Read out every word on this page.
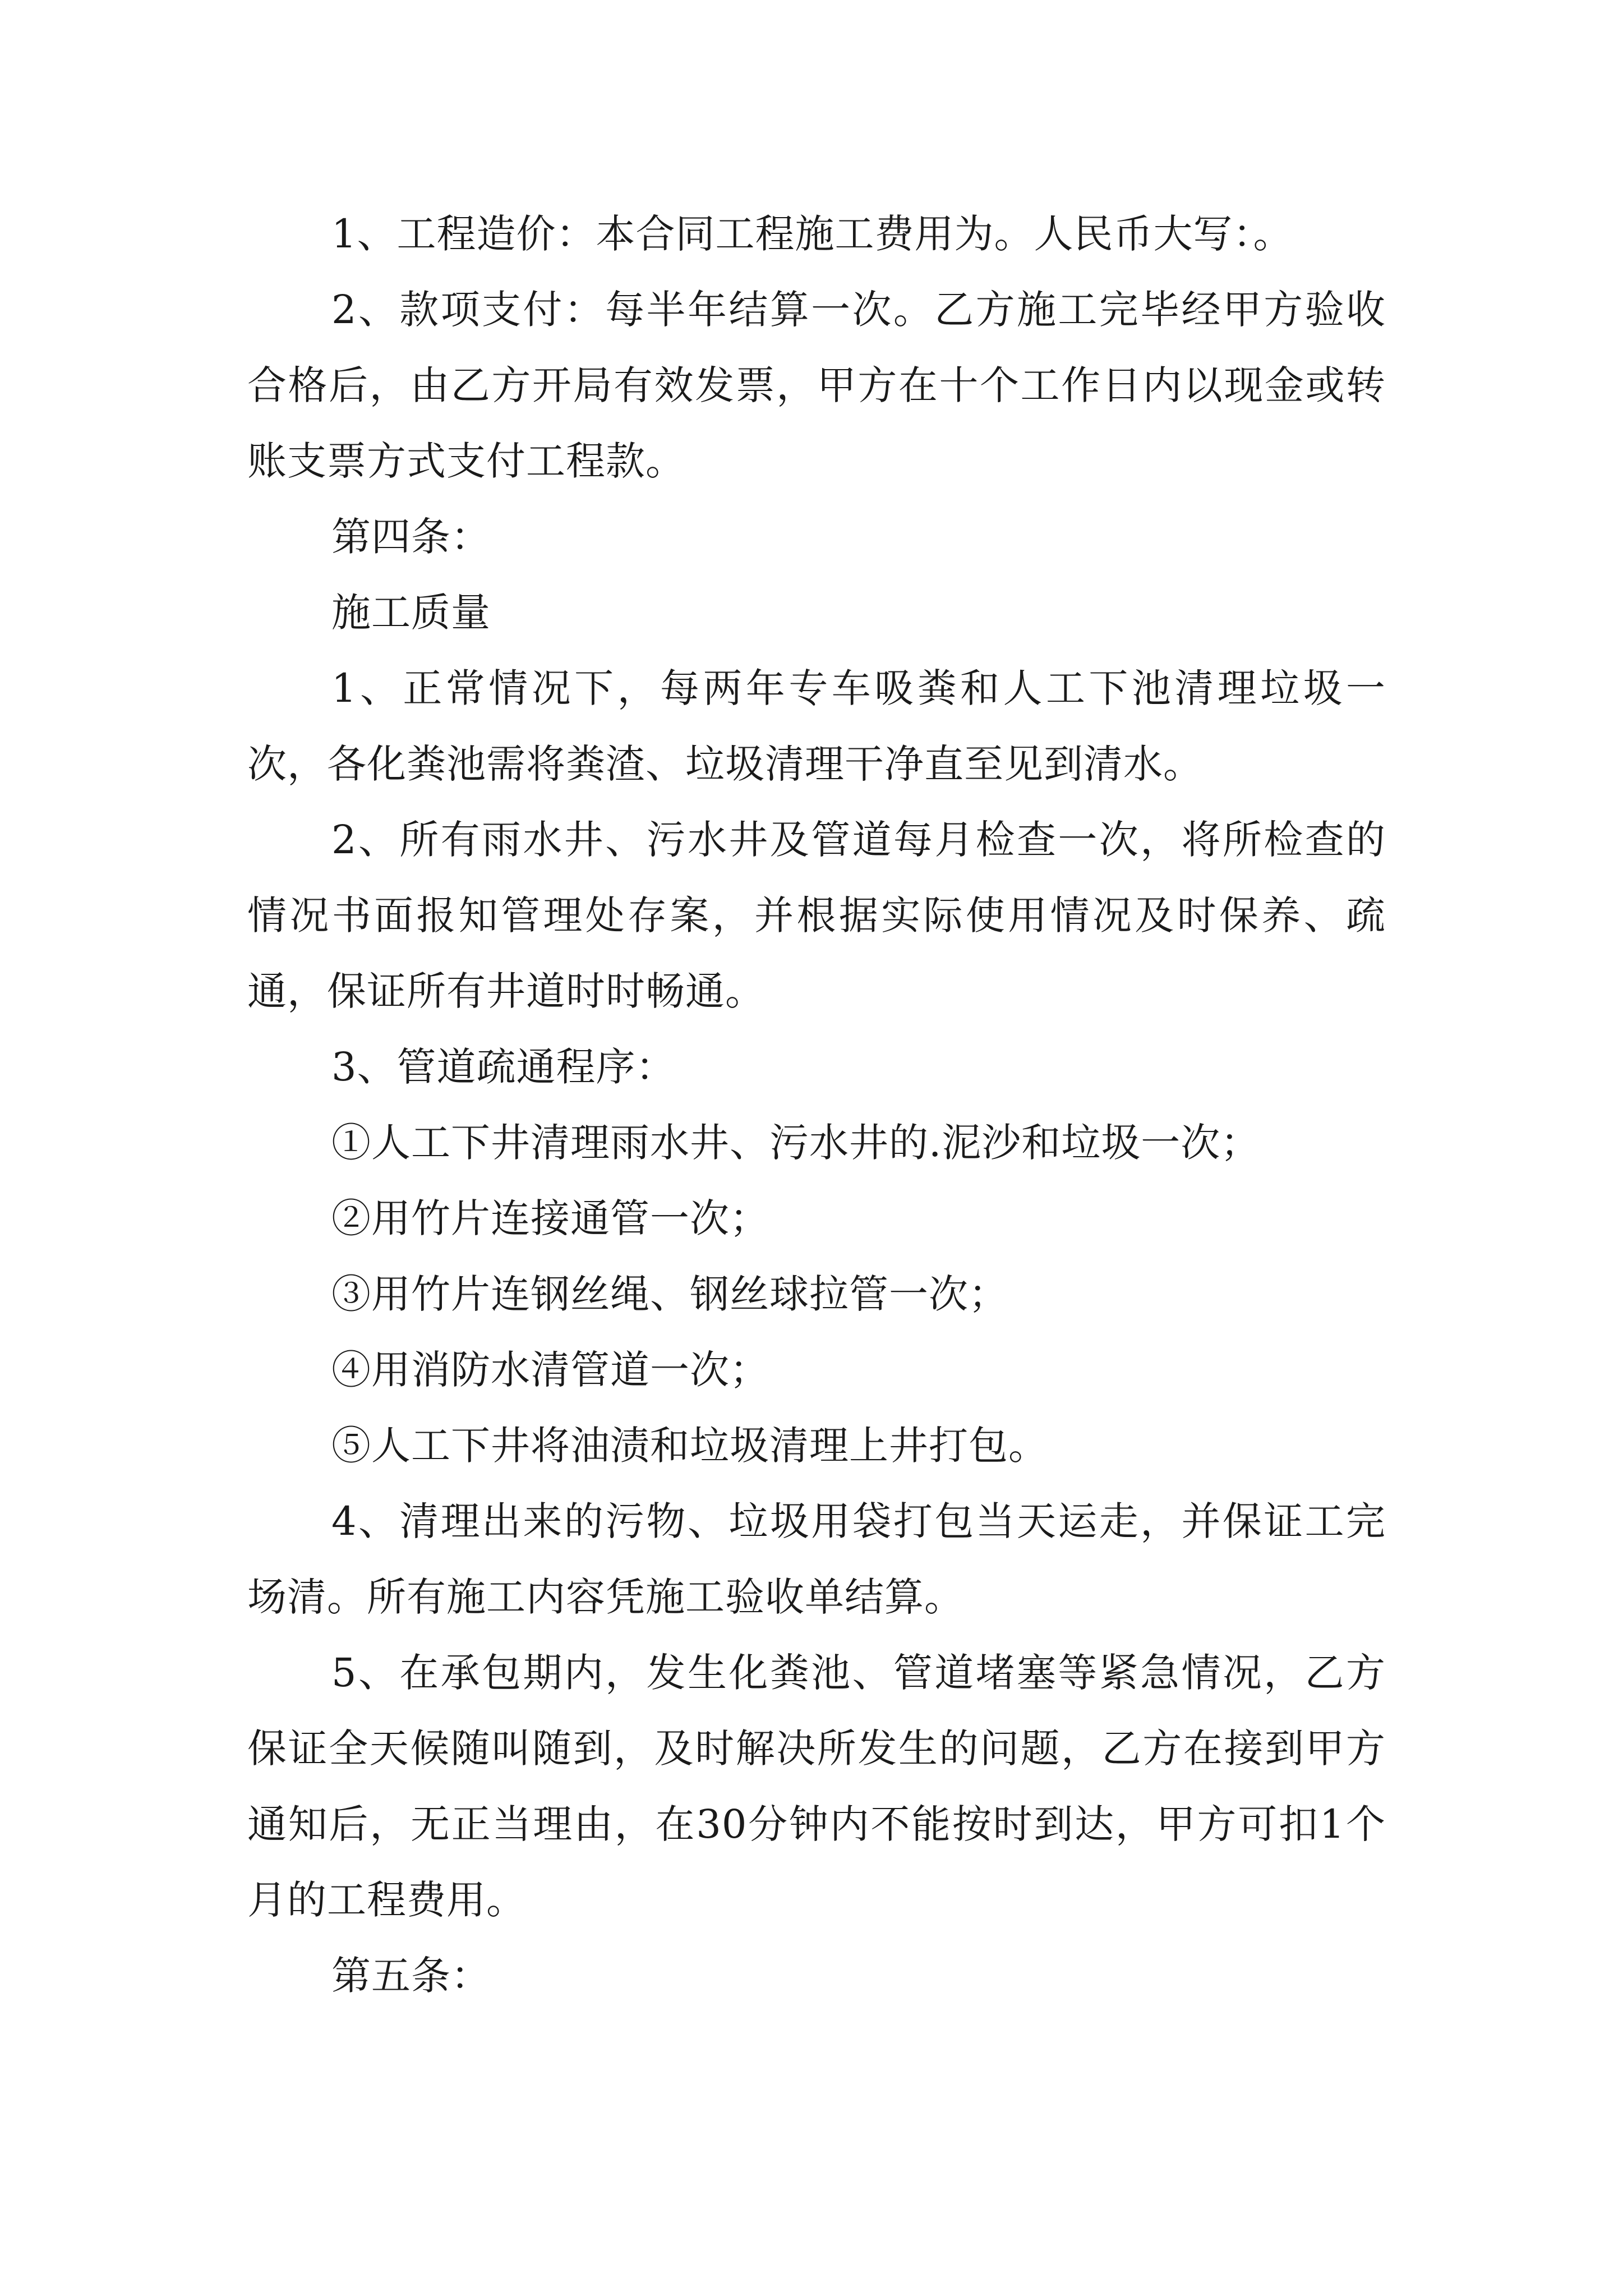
1、工程造价：本合同工程施工费用为。人民币大写：。

2、款项支付：每半年结算一次。乙方施工完毕经甲方验收合格后，由乙方开局有效发票，甲方在十个工作日内以现金或转账支票方式支付工程款。

第四条：

施工质量

1、正常情况下，每两年专车吸粪和人工下池清理垃圾一次，各化粪池需将粪渣、垃圾清理干净直至见到清水。

2、所有雨水井、污水井及管道每月检查一次，将所检查的情况书面报知管理处存案，并根据实际使用情况及时保养、疏通，保证所有井道时时畅通。

3、管道疏通程序：

①人工下井清理雨水井、污水井的.泥沙和垃圾一次；

②用竹片连接通管一次；

③用竹片连钢丝绳、钢丝球拉管一次；

④用消防水清管道一次；

⑤人工下井将油渍和垃圾清理上井打包。

4、清理出来的污物、垃圾用袋打包当天运走，并保证工完场清。所有施工内容凭施工验收单结算。

5、在承包期内，发生化粪池、管道堵塞等紧急情况，乙方保证全天候随叫随到，及时解决所发生的问题，乙方在接到甲方通知后，无正当理由，在30分钟内不能按时到达，甲方可扣1个月的工程费用。

第五条：
